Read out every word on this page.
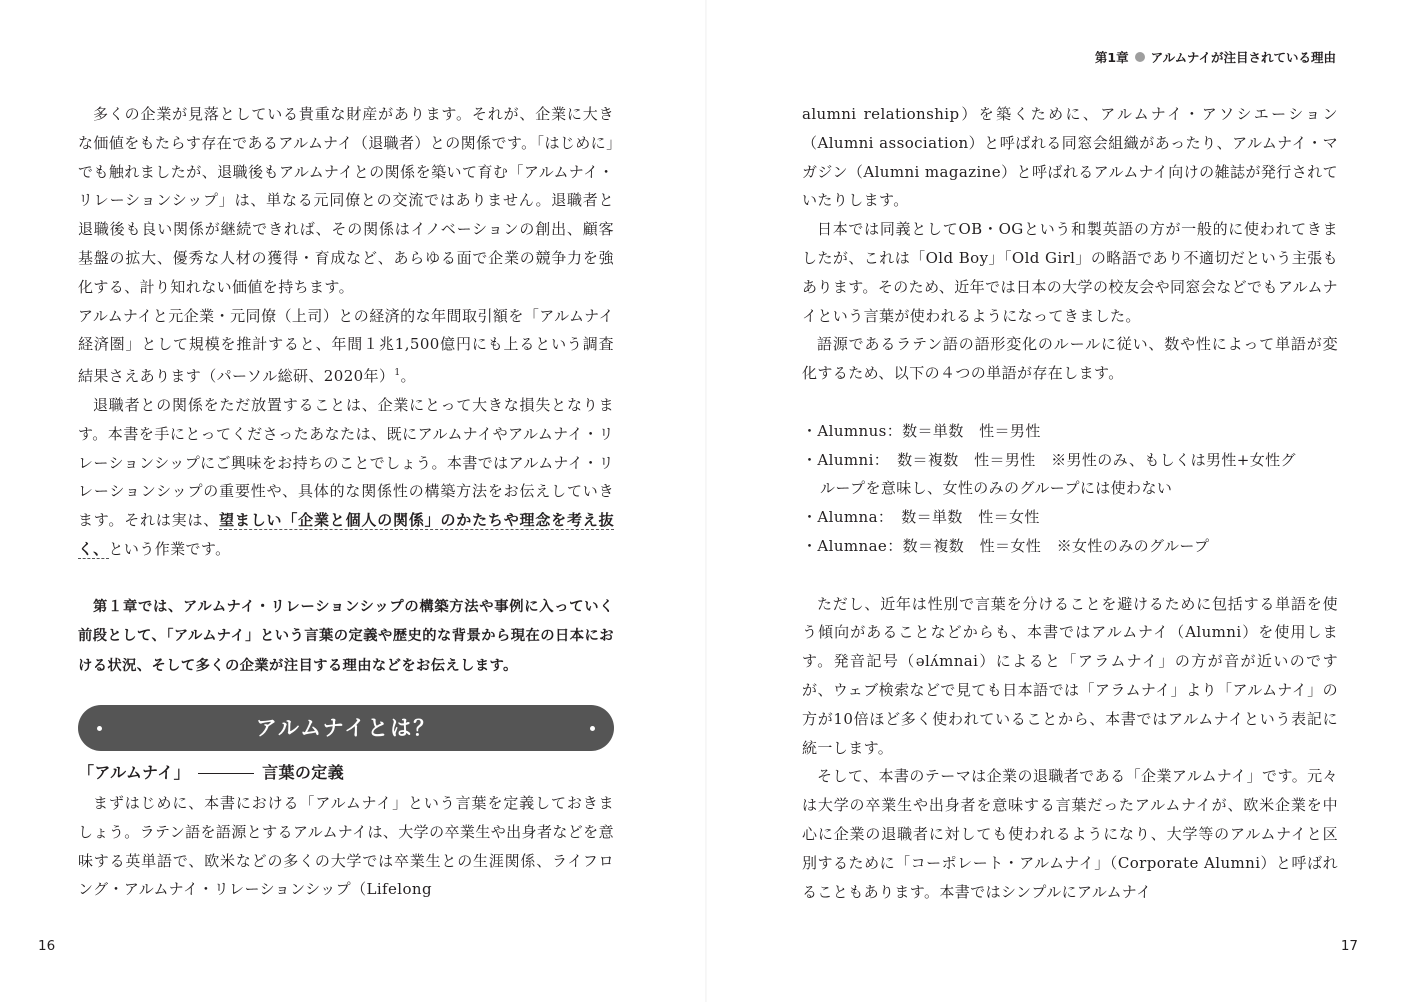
多くの企業が見落としている貴重な財産があります。それが、企業に大きな価値をもたらす存在であるアルムナイ（退職者）との関係です。「はじめに」でも触れましたが、退職後もアルムナイとの関係を築いて育む「アルムナイ・リレーションシップ」は、単なる元同僚との交流ではありません。退職者と退職後も良い関係が継続できれば、その関係はイノベーションの創出、顧客基盤の拡大、優秀な人材の獲得・育成など、あらゆる面で企業の競争力を強化する、計り知れない価値を持ちます。

アルムナイと元企業・元同僚（上司）との経済的な年間取引額を「アルムナイ経済圏」として規模を推計すると、年間１兆1,500億円にも上るという調査結果さえあります（パーソル総研、2020年）$^1$。

退職者との関係をただ放置することは、企業にとって大きな損失となります。本書を手にとってくださったあなたは、既にアルムナイやアルムナイ・リレーションシップにご興味をお持ちのことでしょう。本書ではアルムナイ・リレーションシップの重要性や、具体的な関係性の構築方法をお伝えしていきます。それは実は、望ましい「企業と個人の関係」のかたちや理念を考え抜く、という作業です。

第１章では、アルムナイ・リレーションシップの構築方法や事例に入っていく前段として、「アルムナイ」という言葉の定義や歴史的な背景から現在の日本における状況、そして多くの企業が注目する理由などをお伝えします。

アルムナイとは？

「アルムナイ」	言葉の定義

まずはじめに、本書における「アルムナイ」という言葉を定義しておきましょう。ラテン語を語源とするアルムナイは、大学の卒業生や出身者などを意味する英単語で、欧米などの多くの大学では卒業生との生涯関係、ライフロング・アルムナイ・リレーションシップ（Lifelong

16
第1章 アルムナイが注目されている理由

alumni relationship）を築くために、アルムナイ・アソシエーション（Alumni association）と呼ばれる同窓会組織があったり、アルムナイ・マガジン（Alumni magazine）と呼ばれるアルムナイ向けの雑誌が発行されていたりします。

日本では同義としてOB・OGという和製英語の方が一般的に使われてきましたが、これは「Old Boy」「Old Girl」の略語であり不適切だという主張もあります。そのため、近年では日本の大学の校友会や同窓会などでもアルムナイという言葉が使われるようになってきました。

語源であるラテン語の語形変化のルールに従い、数や性によって単語が変化するため、以下の４つの単語が存在します。

・Alumnus：数＝単数　性＝男性
・Alumni：　数＝複数　性＝男性　※男性のみ、もしくは男性+女性グ
ループを意味し、女性のみのグループには使わない
・Alumna：　数＝単数　性＝女性
・Alumnae：数＝複数　性＝女性　※女性のみのグループ

ただし、近年は性別で言葉を分けることを避けるために包括する単語を使う傾向があることなどからも、本書ではアルムナイ（Alumni）を使用します。発音記号（əlʌ́mnai）によると「アラムナイ」の方が音が近いのですが、ウェブ検索などで見ても日本語では「アラムナイ」より「アルムナイ」の方が10倍ほど多く使われていることから、本書ではアルムナイという表記に統一します。

そして、本書のテーマは企業の退職者である「企業アルムナイ」です。元々は大学の卒業生や出身者を意味する言葉だったアルムナイが、欧米企業を中心に企業の退職者に対しても使われるようになり、大学等のアルムナイと区別するために「コーポレート・アルムナイ」（Corporate Alumni）と呼ばれることもあります。本書ではシンプルにアルムナイ

17
